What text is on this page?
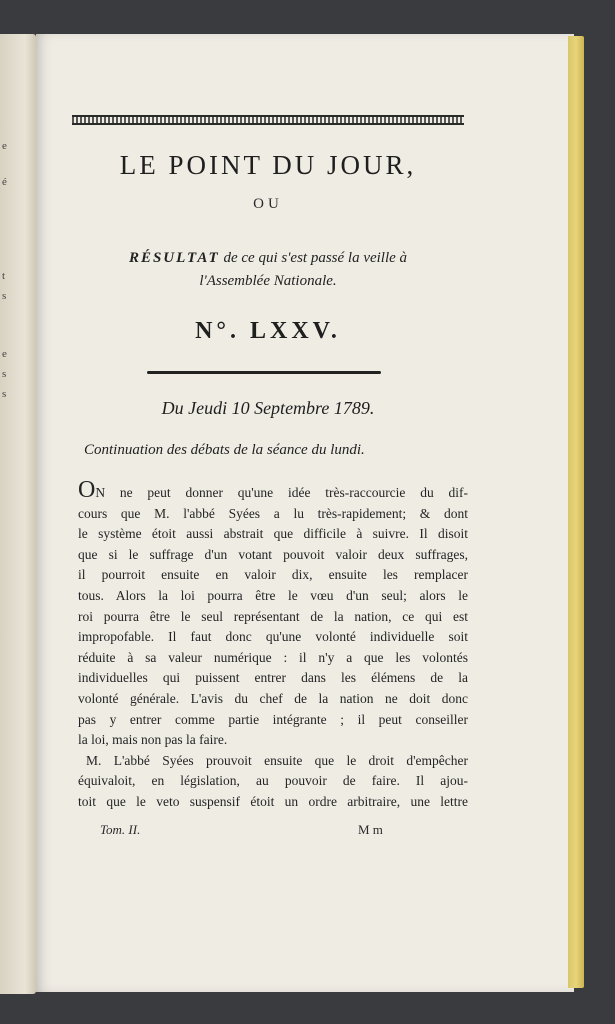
e
é
t
s
e
s
s
LE POINT DU JOUR,
OU
RÉSULTAT de ce qui s'est passé la veille à
l'Assemblée Nationale.
N°. LXXV.
Du Jeudi 10 Septembre 1789.
Continuation des débats de la séance du lundi.
ON ne peut donner qu'une idée très-raccourcie du dif-
cours que M. l'abbé Syées a lu très-rapidement; & dont
le système étoit aussi abstrait que difficile à suivre. Il disoit
que si le suffrage d'un votant pouvoit valoir deux suffrages,
il pourroit ensuite en valoir dix, ensuite les remplacer
tous. Alors la loi pourra être le vœu d'un seul; alors le
roi pourra être le seul représentant de la nation, ce qui est
impropofable. Il faut donc qu'une volonté individuelle soit
réduite à sa valeur numérique : il n'y a que les volontés
individuelles qui puissent entrer dans les élémens de la
volonté générale. L'avis du chef de la nation ne doit donc
pas y entrer comme partie intégrante ; il peut conseiller
la loi, mais non pas la faire.
M. L'abbé Syées prouvoit ensuite que le droit d'empêcher
équivaloit, en législation, au pouvoir de faire. Il ajou-
toit que le veto suspensif étoit un ordre arbitraire, une lettre
Tom. II.	M m
